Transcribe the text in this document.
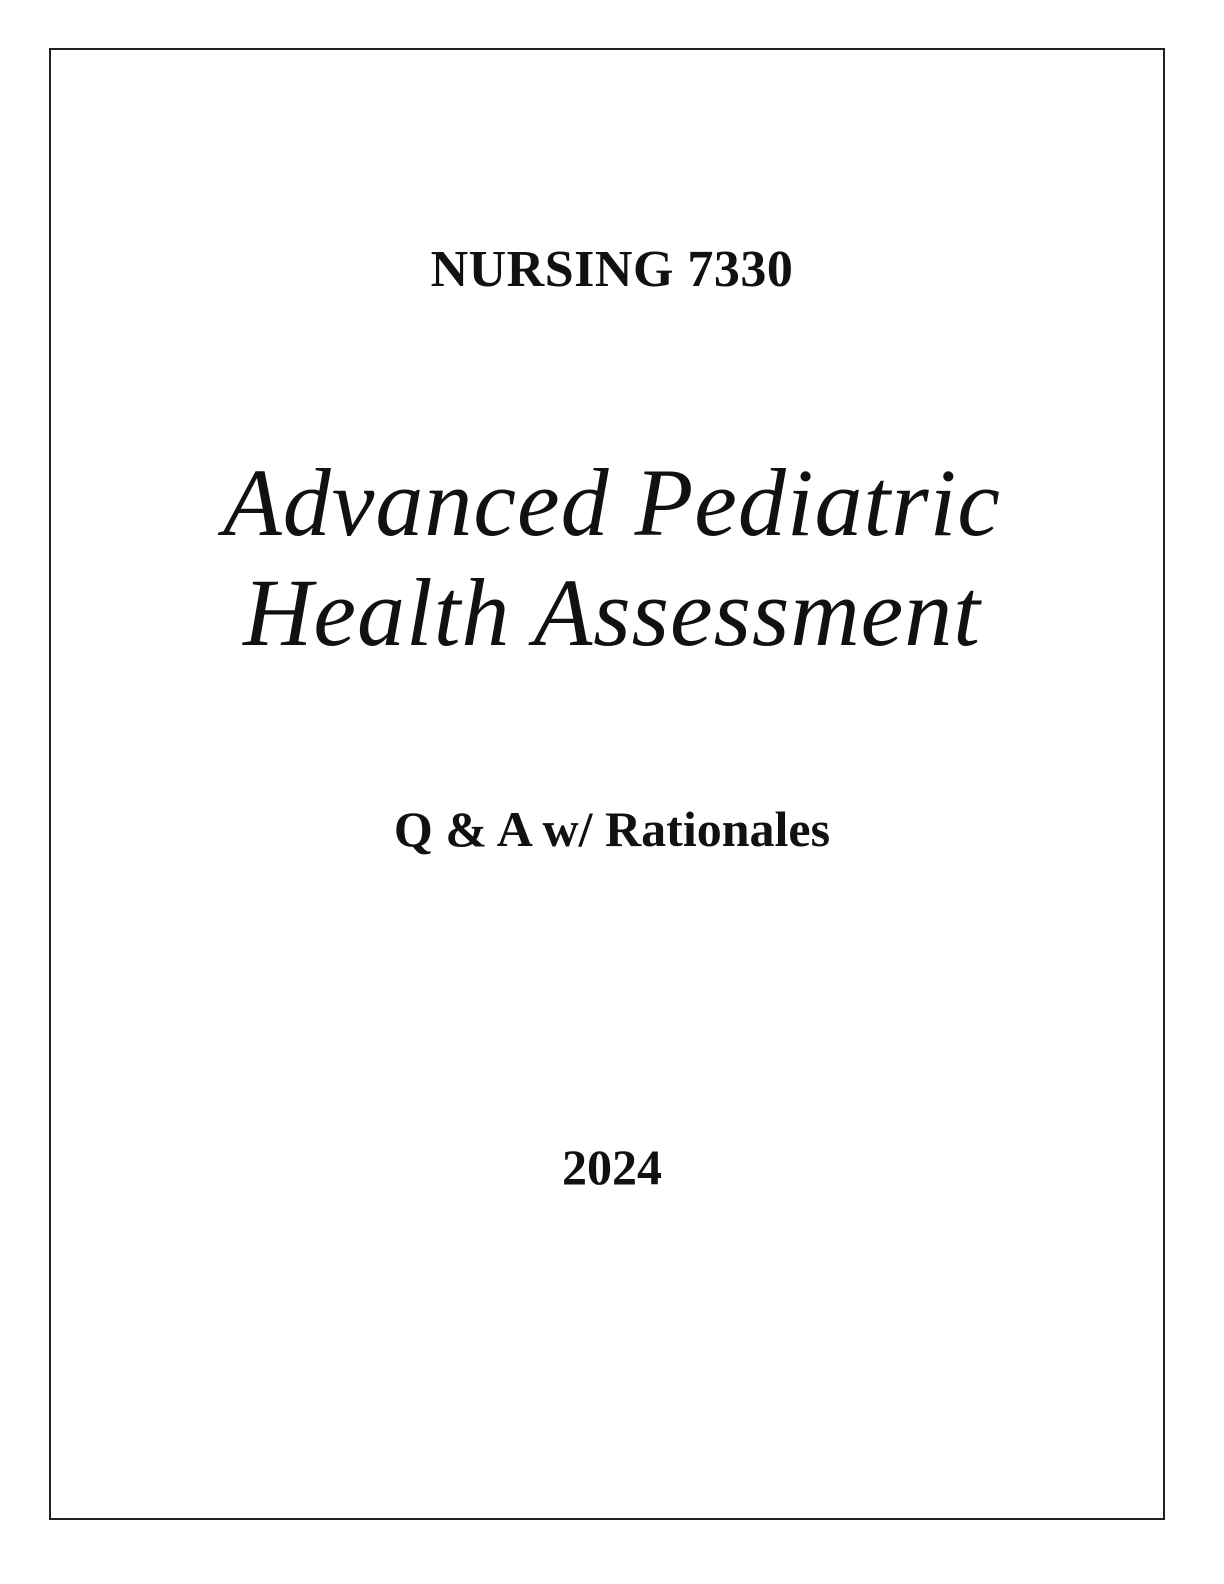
NURSING 7330
Advanced Pediatric
Health Assessment
Q & A w/ Rationales
2024
